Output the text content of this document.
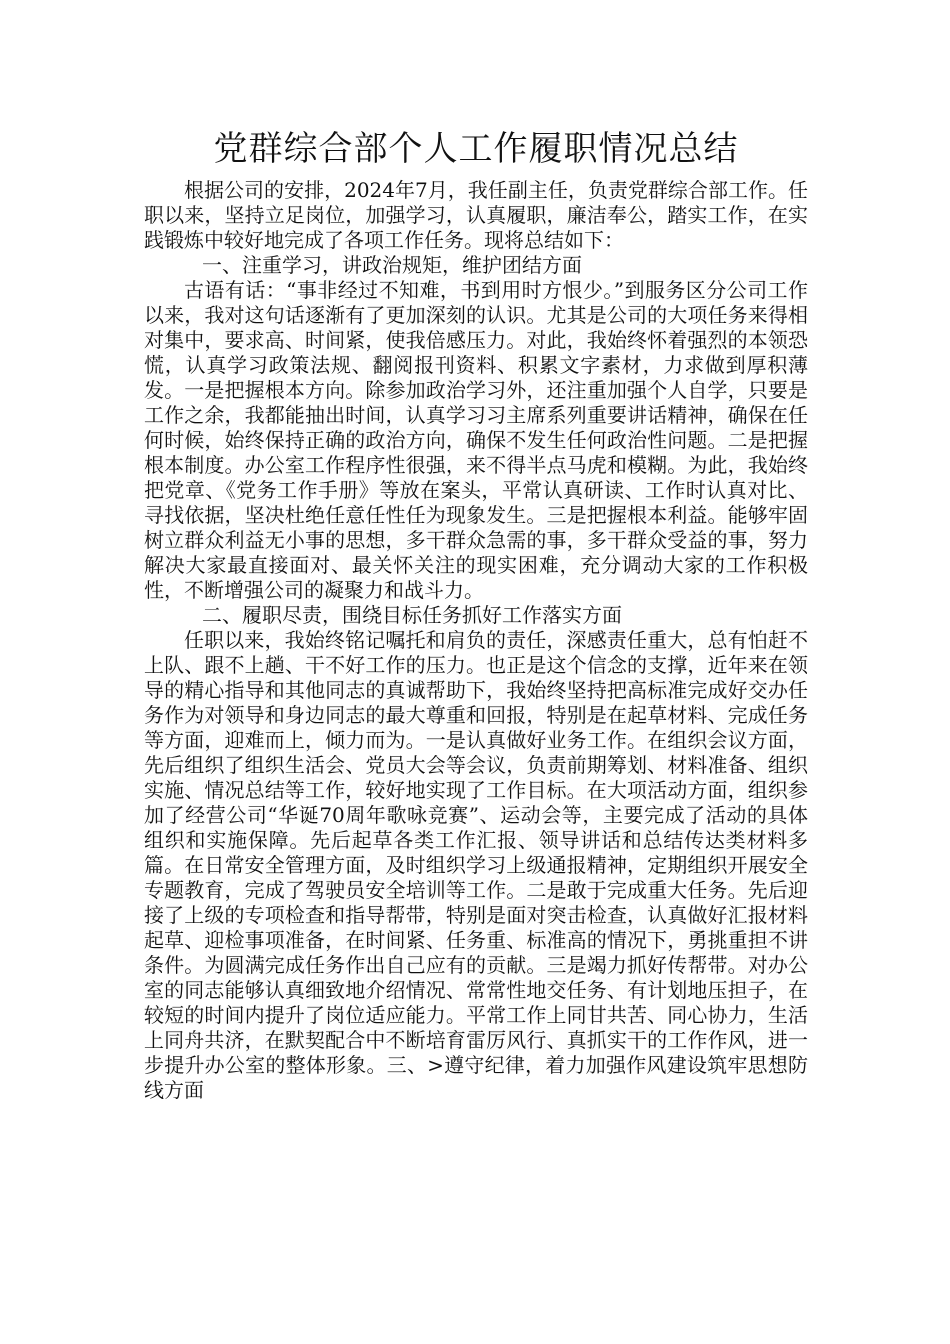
党群综合部个人工作履职情况总结

根据公司的安排，2024年7月，我任副主任，负责党群综合部工作。任职以来，坚持立足岗位，加强学习，认真履职，廉洁奉公，踏实工作，在实践锻炼中较好地完成了各项工作任务。现将总结如下：

一、注重学习，讲政治规矩，维护团结方面

古语有话：“事非经过不知难，书到用时方恨少。”到服务区分公司工作以来，我对这句话逐渐有了更加深刻的认识。尤其是公司的大项任务来得相对集中，要求高、时间紧，使我倍感压力。对此，我始终怀着强烈的本领恐慌，认真学习政策法规、翻阅报刊资料、积累文字素材，力求做到厚积薄发。一是把握根本方向。除参加政治学习外，还注重加强个人自学，只要是工作之余，我都能抽出时间，认真学习习主席系列重要讲话精神，确保在任何时候，始终保持正确的政治方向，确保不发生任何政治性问题。二是把握根本制度。办公室工作程序性很强，来不得半点马虎和模糊。为此，我始终把党章、《党务工作手册》等放在案头，平常认真研读、工作时认真对比、寻找依据，坚决杜绝任意任性任为现象发生。三是把握根本利益。能够牢固树立群众利益无小事的思想，多干群众急需的事，多干群众受益的事，努力解决大家最直接面对、最关怀关注的现实困难，充分调动大家的工作积极性，不断增强公司的凝聚力和战斗力。

二、履职尽责，围绕目标任务抓好工作落实方面

任职以来，我始终铭记嘱托和肩负的责任，深感责任重大，总有怕赶不上队、跟不上趟、干不好工作的压力。也正是这个信念的支撑，近年来在领导的精心指导和其他同志的真诚帮助下，我始终坚持把高标准完成好交办任务作为对领导和身边同志的最大尊重和回报，特别是在起草材料、完成任务等方面，迎难而上，倾力而为。一是认真做好业务工作。在组织会议方面，先后组织了组织生活会、党员大会等会议，负责前期筹划、材料准备、组织实施、情况总结等工作，较好地实现了工作目标。在大项活动方面，组织参加了经营公司“华诞70周年歌咏竞赛”、运动会等，主要完成了活动的具体组织和实施保障。先后起草各类工作汇报、领导讲话和总结传达类材料多篇。在日常安全管理方面，及时组织学习上级通报精神，定期组织开展安全专题教育，完成了驾驶员安全培训等工作。二是敢于完成重大任务。先后迎接了上级的专项检查和指导帮带，特别是面对突击检查，认真做好汇报材料起草、迎检事项准备，在时间紧、任务重、标准高的情况下，勇挑重担不讲条件。为圆满完成任务作出自己应有的贡献。三是竭力抓好传帮带。对办公室的同志能够认真细致地介绍情况、常常性地交任务、有计划地压担子，在较短的时间内提升了岗位适应能力。平常工作上同甘共苦、同心协力，生活上同舟共济，在默契配合中不断培育雷厉风行、真抓实干的工作作风，进一步提升办公室的整体形象。三、>遵守纪律，着力加强作风建设筑牢思想防线方面
